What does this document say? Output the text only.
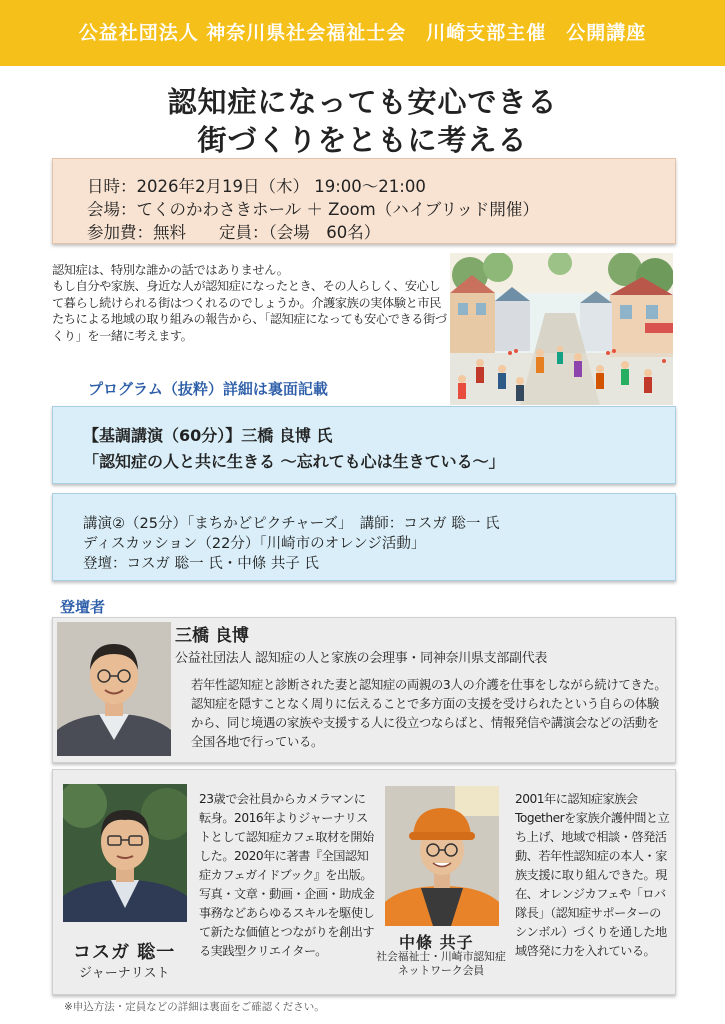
公益社団法人 神奈川県社会福祉士会　川崎支部主催　公開講座
認知症になっても安心できる
街づくりをともに考える
日時：2026年2月19日（木） 19:00～21:00
会場：てくのかわさきホール ＋ Zoom（ハイブリッド開催）
参加費：無料　　定員：（会場　60名）
認知症は、特別な誰かの話ではありません。
もし自分や家族、身近な人が認知症になったとき、その人らしく、安心して暮らし続けられる街はつくれるのでしょうか。介護家族の実体験と市民たちによる地域の取り組みの報告から、「認知症になっても安心できる街づくり」を一緒に考えます。
プログラム（抜粋）詳細は裏面記載
【基調講演（60分）】三橋 良博 氏
「認知症の人と共に生きる ～忘れても心は生きている～」
講演②（25分）「まちかどピクチャーズ」　講師：コスガ 聡一 氏
ディスカッション（22分）「川崎市のオレンジ活動」
登壇：コスガ 聡一 氏・中條 共子 氏
登壇者
三橋 良博
公益社団法人 認知症の人と家族の会理事・同神奈川県支部副代表
若年性認知症と診断された妻と認知症の両親の3人の介護を仕事をしながら続けてきた。認知症を隠すことなく周りに伝えることで多方面の支援を受けられたという自らの体験から、同じ境遇の家族や支援する人に役立つならばと、情報発信や講演会などの活動を全国各地で行っている。
23歳で会社員からカメラマンに転身。2016年よりジャーナリストとして認知症カフェ取材を開始した。2020年に著書『全国認知症カフェガイドブック』を出版。写真・文章・動画・企画・助成金事務などあらゆるスキルを駆使して新たな価値とつながりを創出する実践型クリエイター。
コスガ 聡一
ジャーナリスト
中條 共子
社会福祉士・川崎市認知症ネットワーク会員
2001年に認知症家族会Togetherを家族介護仲間と立ち上げ、地域で相談・啓発活動、若年性認知症の本人・家族支援に取り組んできた。現在、オレンジカフェや「ロバ隊長」（認知症サポーターのシンボル）づくりを通した地域啓発に力を入れている。
※申込方法・定員などの詳細は裏面をご確認ください。
